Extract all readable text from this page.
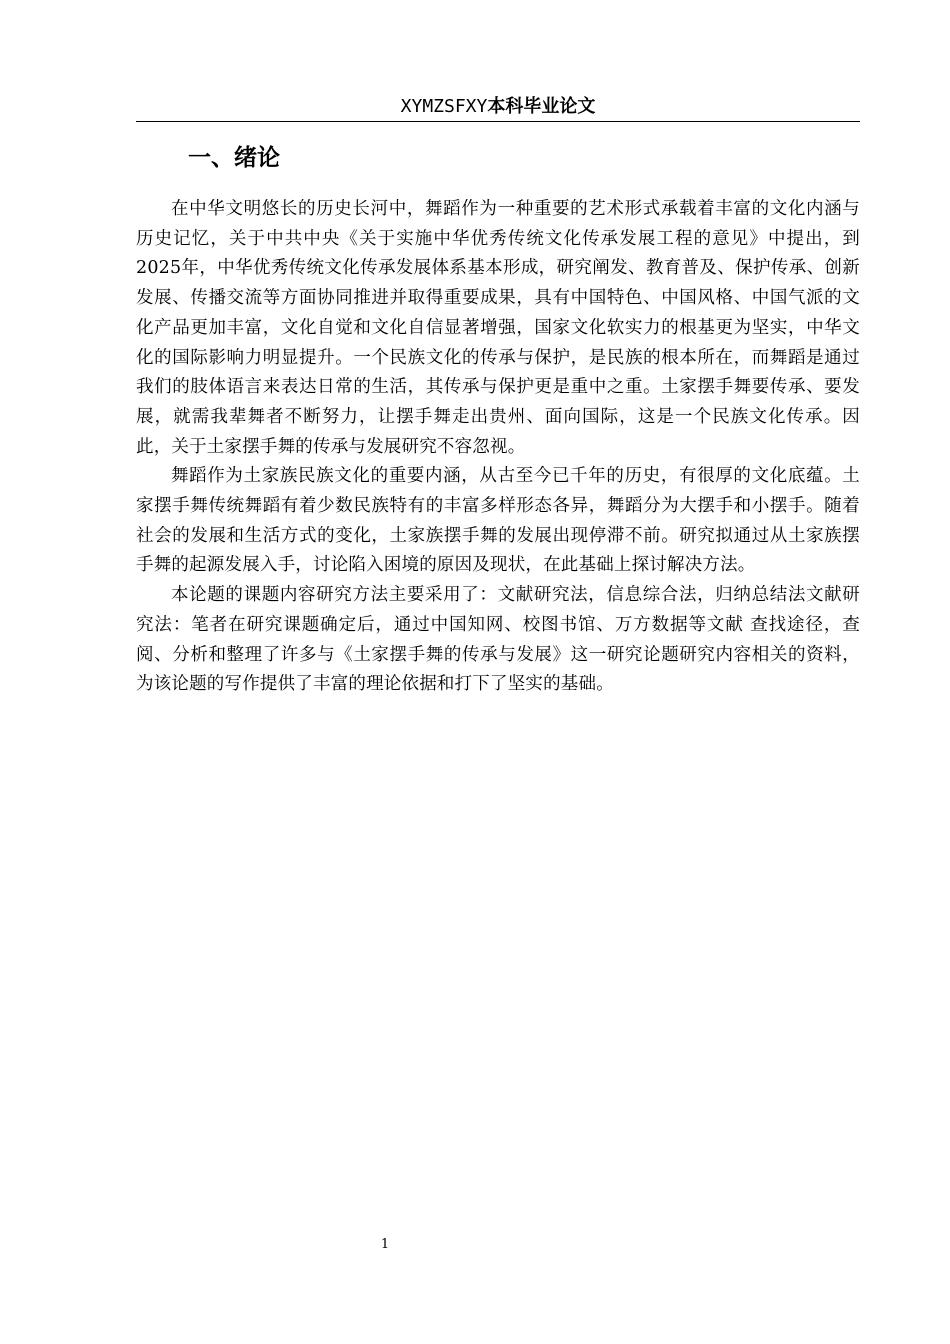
XYMZSFXY本科毕业论文
一、绪论

在中华文明悠长的历史长河中，舞蹈作为一种重要的艺术形式承载着丰富的文化内涵与历史记忆，关于中共中央《关于实施中华优秀传统文化传承发展工程的意见》中提出，到2025年，中华优秀传统文化传承发展体系基本形成，研究阐发、教育普及、保护传承、创新发展、传播交流等方面协同推进并取得重要成果，具有中国特色、中国风格、中国气派的文化产品更加丰富，文化自觉和文化自信显著增强，国家文化软实力的根基更为坚实，中华文化的国际影响力明显提升。一个民族文化的传承与保护，是民族的根本所在，而舞蹈是通过我们的肢体语言来表达日常的生活，其传承与保护更是重中之重。土家摆手舞要传承、要发展，就需我辈舞者不断努力，让摆手舞走出贵州、面向国际，这是一个民族文化传承。因此，关于土家摆手舞的传承与发展研究不容忽视。

舞蹈作为土家族民族文化的重要内涵，从古至今已千年的历史，有很厚的文化底蕴。土家摆手舞传统舞蹈有着少数民族特有的丰富多样形态各异，舞蹈分为大摆手和小摆手。随着社会的发展和生活方式的变化，土家族摆手舞的发展出现停滞不前。研究拟通过从土家族摆手舞的起源发展入手，讨论陷入困境的原因及现状，在此基础上探讨解决方法。

本论题的课题内容研究方法主要采用了：文献研究法，信息综合法，归纳总结法文献研究法：笔者在研究课题确定后，通过中国知网、校图书馆、万方数据等文献 查找途径，查阅、分析和整理了许多与《土家摆手舞的传承与发展》这一研究论题研究内容相关的资料，为该论题的写作提供了丰富的理论依据和打下了坚实的基础。

1
